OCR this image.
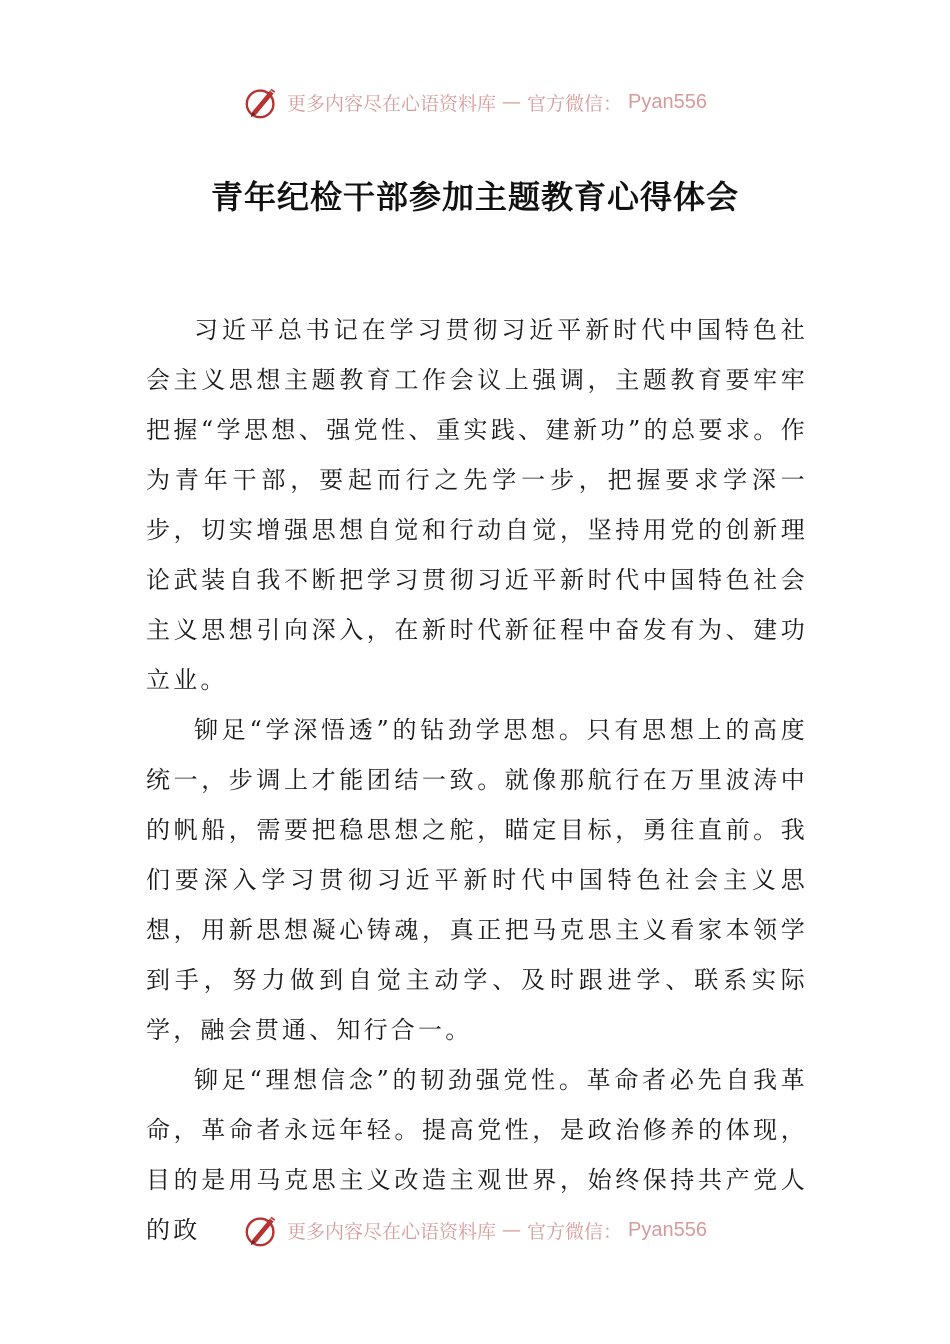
更多内容尽在心语资料库 — 官方微信： Pyan556
青年纪检干部参加主题教育心得体会

习近平总书记在学习贯彻习近平新时代中国特色社会主义思想主题教育工作会议上强调，主题教育要牢牢把握“学思想、强党性、重实践、建新功”的总要求。作为青年干部，要起而行之先学一步，把握要求学深一步，切实增强思想自觉和行动自觉，坚持用党的创新理论武装自我不断把学习贯彻习近平新时代中国特色社会主义思想引向深入，在新时代新征程中奋发有为、建功立业。

铆足“学深悟透”的钻劲学思想。只有思想上的高度统一，步调上才能团结一致。就像那航行在万里波涛中的帆船，需要把稳思想之舵，瞄定目标，勇往直前。我们要深入学习贯彻习近平新时代中国特色社会主义思想，用新思想凝心铸魂，真正把马克思主义看家本领学到手，努力做到自觉主动学、及时跟进学、联系实际学，融会贯通、知行合一。

铆足“理想信念”的韧劲强党性。革命者必先自我革命，革命者永远年轻。提高党性，是政治修养的体现，目的是用马克思主义改造主观世界，始终保持共产党人的政	更多内容尽在心语资料库 — 官方微信： Pyan556
